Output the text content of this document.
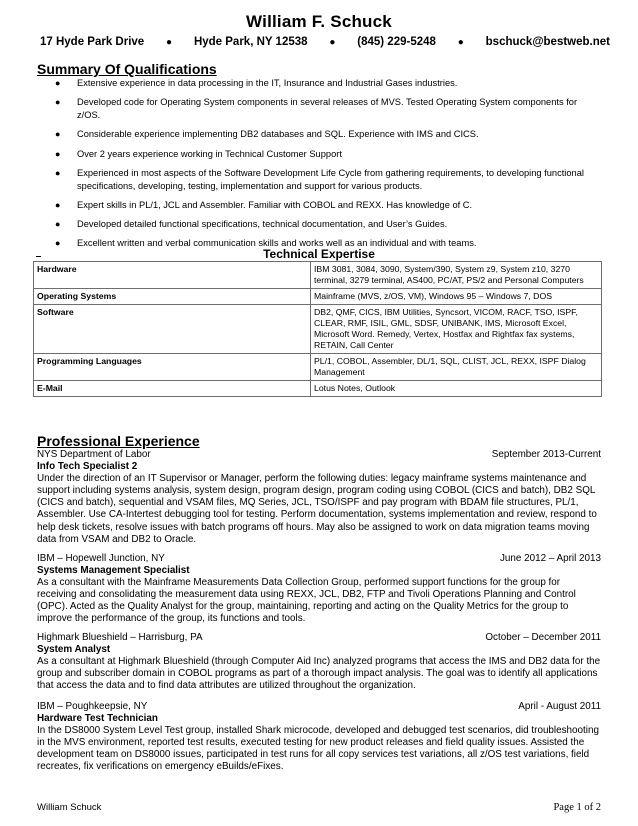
William F. Schuck
17 Hyde Park Drive ● Hyde Park, NY 12538 ● (845) 229-5248 ● bschuck@bestweb.net
Summary Of Qualifications
● Extensive experience in data processing in the IT, Insurance and Industrial Gases industries.
● Developed code for Operating System components in several releases of MVS. Tested Operating System components for z/OS.
● Considerable experience implementing DB2 databases and SQL. Experience with IMS and CICS.
● Over 2 years experience working in Technical Customer Support
● Experienced in most aspects of the Software Development Life Cycle from gathering requirements, to developing functional specifications, developing, testing, implementation and support for various products.
● Expert skills in PL/1, JCL and Assembler. Familiar with COBOL and REXX. Has knowledge of C.
● Developed detailed functional specifications, technical documentation, and User’s Guides.
● Excellent written and verbal communication skills and works well as an individual and with teams.
Technical Expertise
Hardware	IBM 3081, 3084, 3090, System/390, System z9, System z10, 3270 terminal, 3279 terminal, AS400, PC/AT, PS/2 and Personal Computers
Operating Systems	Mainframe (MVS, z/OS, VM), Windows 95 – Windows 7, DOS
Software	DB2, QMF, CICS, IBM Utilities, Syncsort, VICOM, RACF, TSO, ISPF, CLEAR, RMF, ISIL, GML, SDSF, UNIBANK, IMS, Microsoft Excel, Microsoft Word. Remedy, Vertex, Hostfax and Rightfax fax systems, RETAIN, Call Center
Programming Languages	PL/1, COBOL, Assembler, DL/1, SQL, CLIST, JCL, REXX, ISPF Dialog Management
E-Mail	Lotus Notes, Outlook
Professional Experience
NYS Department of Labor	September 2013-Current
Info Tech Specialist 2
Under the direction of an IT Supervisor or Manager, perform the following duties: legacy mainframe systems maintenance and support including systems analysis, system design, program design, program coding using COBOL (CICS and batch), DB2 SQL (CICS and batch), sequential and VSAM files, MQ Series, JCL, TSO/ISPF and pay program with BDAM file structures, PL/1, Assembler. Use CA-Intertest debugging tool for testing. Perform documentation, systems implementation and review, respond to help desk tickets, resolve issues with batch programs off hours. May also be assigned to work on data migration teams moving data from VSAM and DB2 to Oracle.
IBM – Hopewell Junction, NY	June 2012 – April 2013
Systems Management Specialist
As a consultant with the Mainframe Measurements Data Collection Group, performed support functions for the group for receiving and consolidating the measurement data using REXX, JCL, DB2, FTP and Tivoli Operations Planning and Control (OPC). Acted as the Quality Analyst for the group, maintaining, reporting and acting on the Quality Metrics for the group to improve the performance of the group, its functions and tools.
Highmark Blueshield – Harrisburg, PA	October – December 2011
System Analyst
As a consultant at Highmark Blueshield (through Computer Aid Inc) analyzed programs that access the IMS and DB2 data for the group and subscriber domain in COBOL programs as part of a thorough impact analysis. The goal was to identify all applications that access the data and to find data attributes are utilized throughout the organization.
IBM – Poughkeepsie, NY	April - August 2011
Hardware Test Technician
In the DS8000 System Level Test group, installed Shark microcode, developed and debugged test scenarios, did troubleshooting in the MVS environment, reported test results, executed testing for new product releases and field quality issues. Assisted the development team on DS8000 issues, participated in test runs for all copy services test variations, all z/OS test variations, field recreates, fix verifications on emergency eBuilds/eFixes.
William Schuck	Page 1 of 2
